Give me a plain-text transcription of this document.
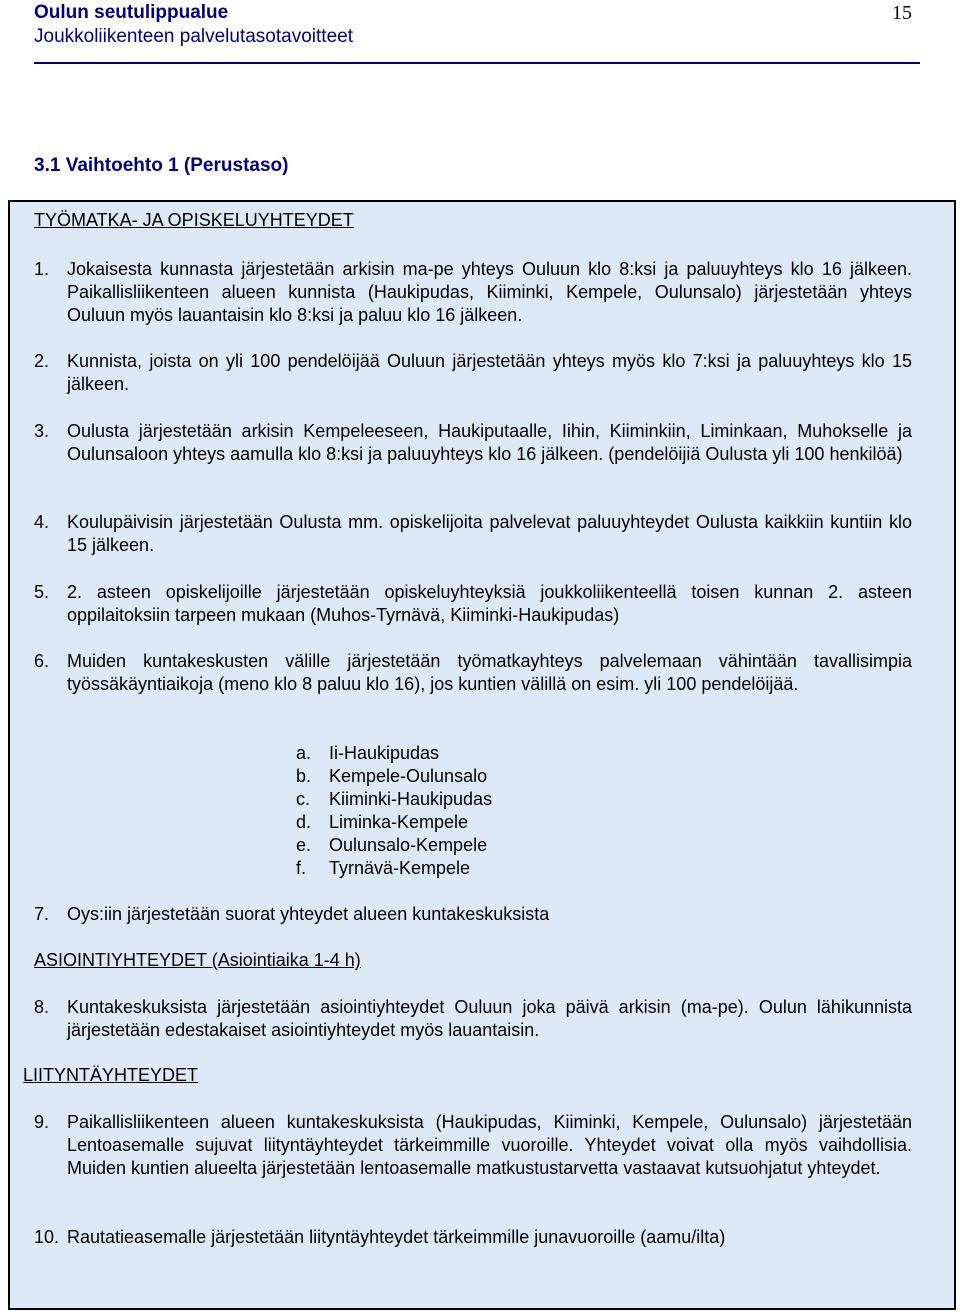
Oulun seutulippualue
Joukkoliikenteen palvelutasotavoitteet
15
3.1 Vaihtoehto 1 (Perustaso)
TYÖMATKA- JA OPISKELUYHTEYDET
1. Jokaisesta kunnasta järjestetään arkisin ma-pe yhteys Ouluun klo 8:ksi ja paluuyhteys klo 16 jälkeen. Paikallisliikenteen alueen kunnista (Haukipudas, Kiiminki, Kempele, Oulunsalo) järjestetään yhteys Ouluun myös lauantaisin klo 8:ksi ja paluu klo 16 jälkeen.
2. Kunnista, joista on yli 100 pendelöijää Ouluun järjestetään yhteys myös klo 7:ksi ja paluuyhteys klo 15 jälkeen.
3. Oulusta järjestetään arkisin Kempeleeseen, Haukiputaalle, Iihin, Kiiminkiin, Liminkaan, Muhokselle ja Oulunsaloon yhteys aamulla klo 8:ksi ja paluuyhteys klo 16 jälkeen. (pendelöijiä Oulusta yli 100 henkilöä)
4. Koulupäivisin järjestetään Oulusta mm. opiskelijoita palvelevat paluuyhteydet Oulusta kaikkiin kuntiin klo 15 jälkeen.
5. 2. asteen opiskelijoille järjestetään opiskeluyhteyksiä joukkoliikenteellä toisen kunnan 2. asteen oppilaitoksiin tarpeen mukaan (Muhos-Tyrnävä, Kiiminki-Haukipudas)
6. Muiden kuntakeskusten välille järjestetään työmatkayhteys palvelemaan vähintään tavallisimpia työssäkäyntiaikoja (meno klo 8 paluu klo 16), jos kuntien välillä on esim. yli 100 pendelöijää.
a. Ii-Haukipudas
b. Kempele-Oulunsalo
c. Kiiminki-Haukipudas
d. Liminka-Kempele
e. Oulunsalo-Kempele
f. Tyrnävä-Kempele
7. Oys:iin järjestetään suorat yhteydet alueen kuntakeskuksista
ASIOINTIYHTEYDET (Asiointiaika 1-4 h)
8. Kuntakeskuksista järjestetään asiointiyhteydet Ouluun joka päivä arkisin (ma-pe). Oulun lähikunnista järjestetään edestakaiset asiointiyhteydet myös lauantaisin.
LIITYNTÄYHTEYDET
9. Paikallisliikenteen alueen kuntakeskuksista (Haukipudas, Kiiminki, Kempele, Oulunsalo) järjestetään Lentoasemalle sujuvat liityntäyhteydet tärkeimmille vuoroille. Yhteydet voivat olla myös vaihdollisia. Muiden kuntien alueelta järjestetään lentoasemalle matkustustarvetta vastaavat kutsuohjatut yhteydet.
10. Rautatieasemalle järjestetään liityntäyhteydet tärkeimmille junavuoroille (aamu/ilta)
